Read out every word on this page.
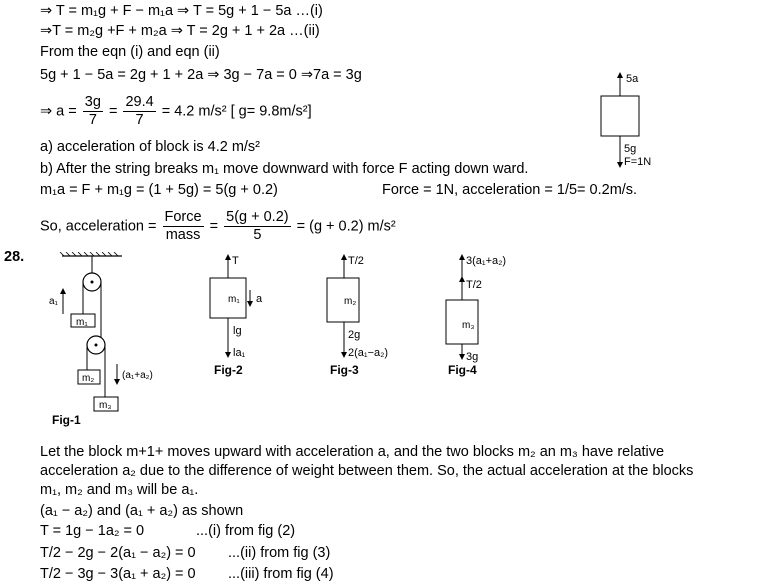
⇒ T = m₁g + F − m₁a ⇒ T = 5g + 1 − 5a …(i)
⇒T = m₂g +F + m₂a ⇒ T = 2g + 1 + 2a …(ii)
From the eqn (i) and eqn (ii)
5g + 1 − 5a = 2g + 1 + 2a ⇒ 3g − 7a = 0 ⇒7a = 3g
⇒ $a = \frac{3g}{7} = \frac{29.4}{7} = 4.2$ m/s² [ g= 9.8m/s²]
a) acceleration of block is 4.2 m/s²
b) After the string breaks m₁ move downward with force F acting down ward.
m₁a = F + m₁g = (1 + 5g) = 5(g + 0.2)	Force = 1N, acceleration = 1/5= 0.2m/s.
So, acceleration = $\frac{\text{Force}}{\text{mass}} = \frac{5(g + 0.2)}{5} = (g + 0.2)$ m/s²
5a
5g
F=1N
28.
m₁
a₁
m₂
m₃
(a₁+a₂)
Fig-1
T
m₁ a
lg
la₁
Fig-2
T/2
m₂
2g
2(a₁−a₂)
Fig-3
3(a₁+a₂)
T/2
m₃
3g
Fig-4
Let the block m+1+ moves upward with acceleration a, and the two blocks m₂ an m₃ have relative
acceleration a₂ due to the difference of weight between them. So, the actual acceleration at the blocks
m₁, m₂ and m₃ will be a₁.
(a₁ − a₂) and (a₁ + a₂) as shown
T = 1g − 1a₂ = 0	...(i) from fig (2)
T/2 − 2g − 2(a₁ − a₂) = 0 ...(ii) from fig (3)
T/2 − 3g − 3(a₁ + a₂) = 0 ...(iii) from fig (4)
